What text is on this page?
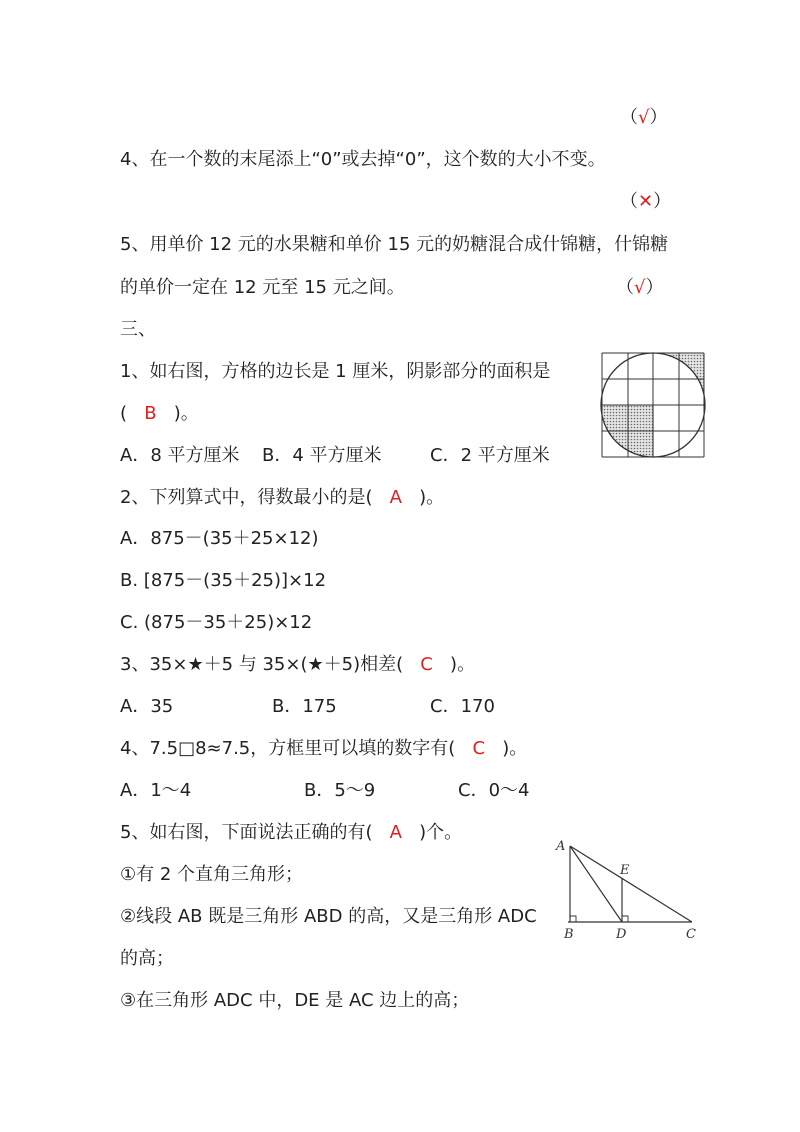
（√）
4、在一个数的末尾添上“0”或去掉“0”，这个数的大小不变。
（✕）
5、用单价 12 元的水果糖和单价 15 元的奶糖混合成什锦糖，什锦糖
的单价一定在 12 元至 15 元之间。	（√）
三、
1、如右图，方格的边长是 1 厘米，阴影部分的面积是
( B )。
A．8 平方厘米 B．4 平方厘米	C．2 平方厘米
2、下列算式中，得数最小的是( A )。
A．875－(35＋25×12)
B. [875－(35＋25)]×12
C. (875－35＋25)×12
3、35×★＋5 与 35×(★＋5)相差( C )。
A．35	B．175	C．170
4、7.5□8≈7.5，方框里可以填的数字有( C )。
A．1～4	B．5～9	C．0～4
5、如右图，下面说法正确的有( A )个。
①有 2 个直角三角形；
②线段 AB 既是三角形 ABD 的高，又是三角形 ADC
的高；
③在三角形 ADC 中，DE 是 AC 边上的高；
A
E
B	D	C
